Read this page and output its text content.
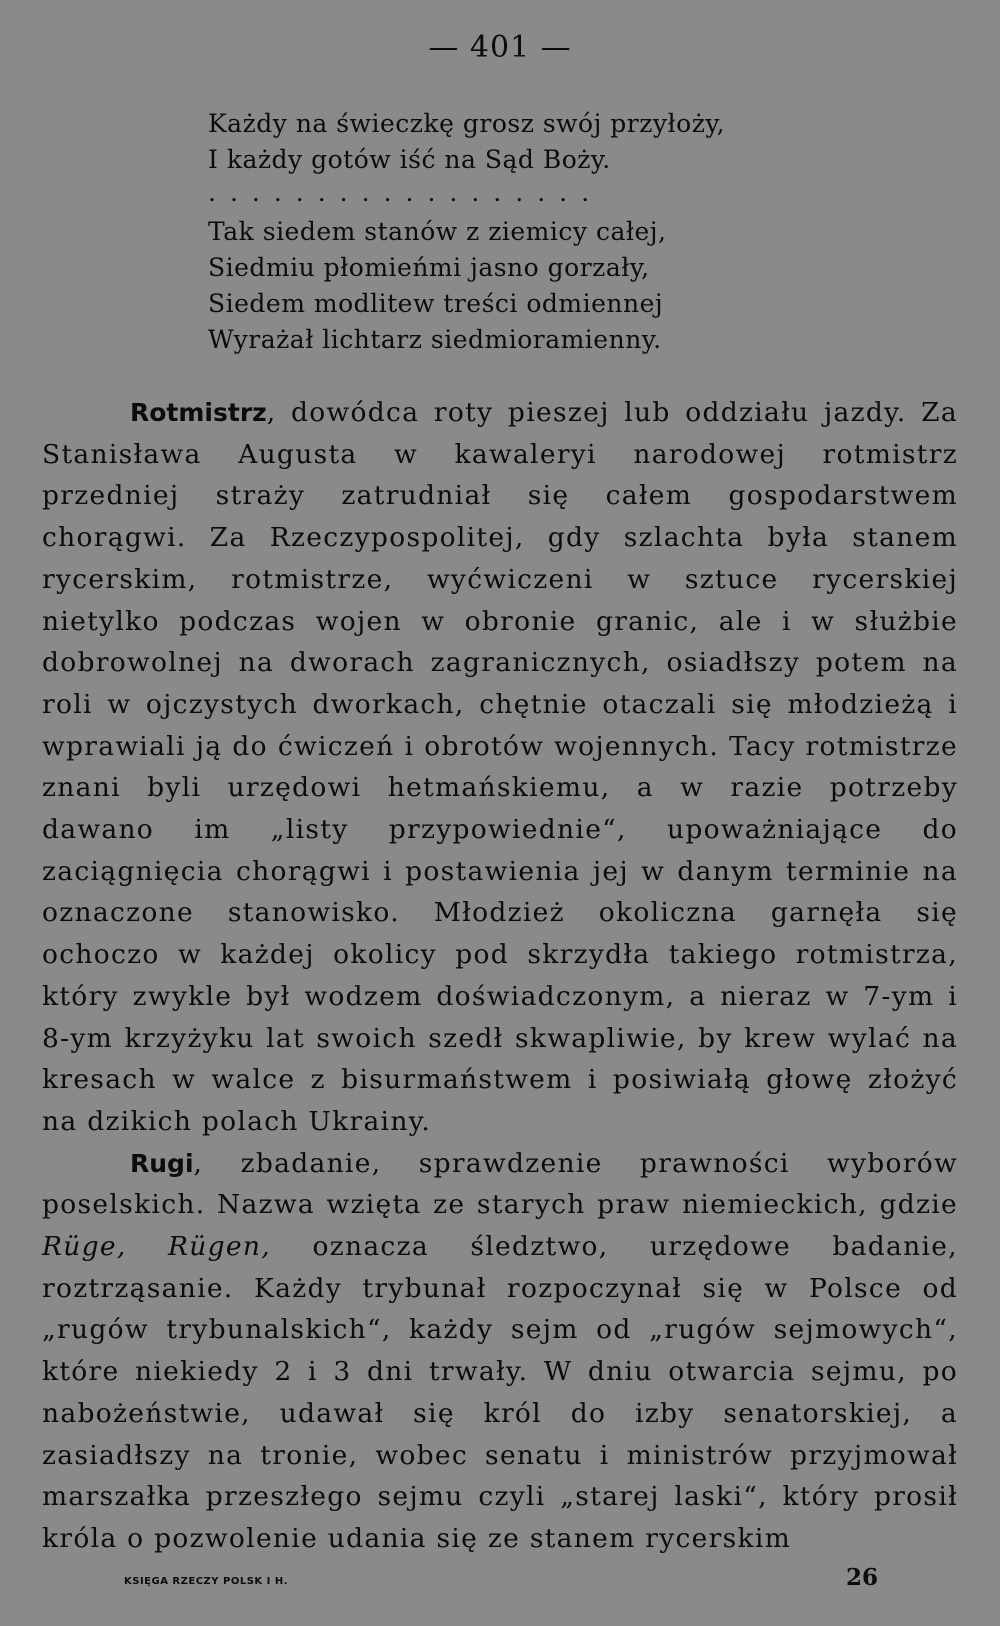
— 401 —
Każdy na świeczkę grosz swój przyłoży,
I każdy gotów iść na Sąd Boży.
..................
Tak siedem stanów z ziemicy całej,
Siedmiu płomieńmi jasno gorzały,
Siedem modlitew treści odmiennej
Wyrażał lichtarz siedmioramienny.

Rotmistrz, dowódca roty pieszej lub oddziału jazdy. Za Stanisława Augusta w kawaleryi narodowej rotmistrz przedniej straży zatrudniał się całem gospodarstwem chorągwi. Za Rzeczypospolitej, gdy szlachta była stanem rycerskim, rotmistrze, wyćwiczeni w sztuce rycerskiej nietylko podczas wojen w obronie granic, ale i w służbie dobrowolnej na dworach zagranicznych, osiadłszy potem na roli w ojczystych dworkach, chętnie otaczali się młodzieżą i wprawiali ją do ćwiczeń i obrotów wojennych. Tacy rotmistrze znani byli urzędowi hetmańskiemu, a w razie potrzeby dawano im „listy przypowiednie“, upoważniające do zaciągnięcia chorągwi i postawienia jej w danym terminie na oznaczone stanowisko. Młodzież okoliczna garnęła się ochoczo w każdej okolicy pod skrzydła takiego rotmistrza, który zwykle był wodzem doświadczonym, a nieraz w 7-ym i 8-ym krzyżyku lat swoich szedł skwapliwie, by krew wylać na kresach w walce z bisurmaństwem i posiwiałą głowę złożyć na dzikich polach Ukrainy.

Rugi, zbadanie, sprawdzenie prawności wyborów poselskich. Nazwa wzięta ze starych praw niemieckich, gdzie Rüge, Rügen, oznacza śledztwo, urzędowe badanie, roztrząsanie. Każdy trybunał rozpoczynał się w Polsce od „rugów trybunalskich“, każdy sejm od „rugów sejmowych“, które niekiedy 2 i 3 dni trwały. W dniu otwarcia sejmu, po nabożeństwie, udawał się król do izby senatorskiej, a zasiadłszy na tronie, wobec senatu i ministrów przyjmował marszałka przeszłego sejmu czyli „starej laski“, który prosił króla o pozwolenie udania się ze stanem rycerskim

KSIĘGA RZECZY POLSK I H.	26
